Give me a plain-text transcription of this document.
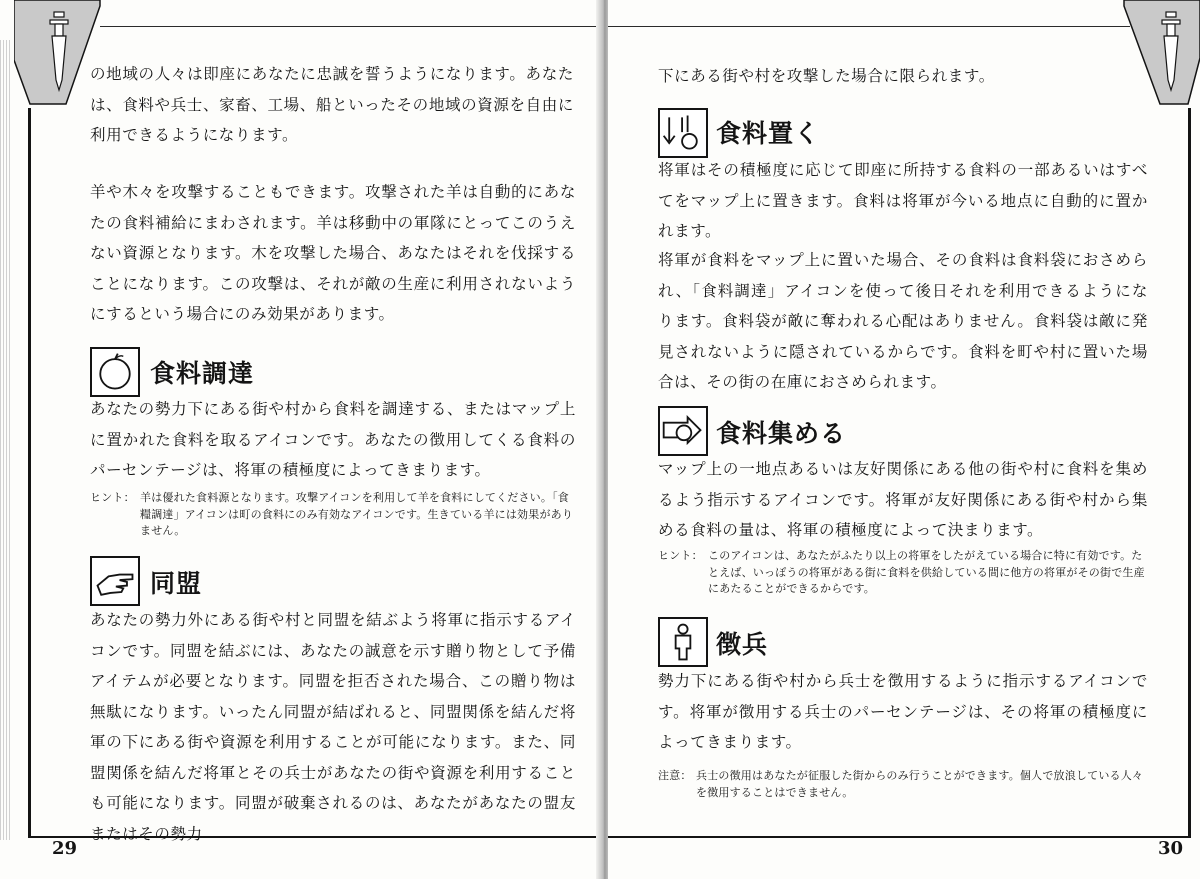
の地域の人々は即座にあなたに忠誠を誓うようになります。あなたは、食料や兵士、家畜、工場、船といったその地域の資源を自由に利用できるようになります。

羊や木々を攻撃することもできます。攻撃された羊は自動的にあなたの食料補給にまわされます。羊は移動中の軍隊にとってこのうえない資源となります。木を攻撃した場合、あなたはそれを伐採することになります。この攻撃は、それが敵の生産に利用されないようにするという場合にのみ効果があります。

食料調達

あなたの勢力下にある街や村から食料を調達する、またはマップ上に置かれた食料を取るアイコンです。あなたの徴用してくる食料のパーセンテージは、将軍の積極度によってきまります。

ヒント： 羊は優れた食料源となります。攻撃アイコンを利用して羊を食料にしてください。「食糧調達」アイコンは町の食料にのみ有効なアイコンです。生きている羊には効果がありません。

同盟

あなたの勢力外にある街や村と同盟を結ぶよう将軍に指示するアイコンです。同盟を結ぶには、あなたの誠意を示す贈り物として予備アイテムが必要となります。同盟を拒否された場合、この贈り物は無駄になります。いったん同盟が結ばれると、同盟関係を結んだ将軍の下にある街や資源を利用することが可能になります。また、同盟関係を結んだ将軍とその兵士があなたの街や資源を利用することも可能になります。同盟が破棄されるのは、あなたがあなたの盟友またはその勢力

29

下にある街や村を攻撃した場合に限られます。

食料置く

将軍はその積極度に応じて即座に所持する食料の一部あるいはすべてをマップ上に置きます。食料は将軍が今いる地点に自動的に置かれます。

将軍が食料をマップ上に置いた場合、その食料は食料袋におさめられ、「食料調達」アイコンを使って後日それを利用できるようになります。食料袋が敵に奪われる心配はありません。食料袋は敵に発見されないように隠されているからです。食料を町や村に置いた場合は、その街の在庫におさめられます。

食料集める

マップ上の一地点あるいは友好関係にある他の街や村に食料を集めるよう指示するアイコンです。将軍が友好関係にある街や村から集める食料の量は、将軍の積極度によって決まります。

ヒント： このアイコンは、あなたがふたり以上の将軍をしたがえている場合に特に有効です。たとえば、いっぽうの将軍がある街に食料を供給している間に他方の将軍がその街で生産にあたることができるからです。

徴兵

勢力下にある街や村から兵士を徴用するように指示するアイコンです。将軍が徴用する兵士のパーセンテージは、その将軍の積極度によってきまります。

注意： 兵士の徴用はあなたが征服した街からのみ行うことができます。個人で放浪している人々を徴用することはできません。
30
